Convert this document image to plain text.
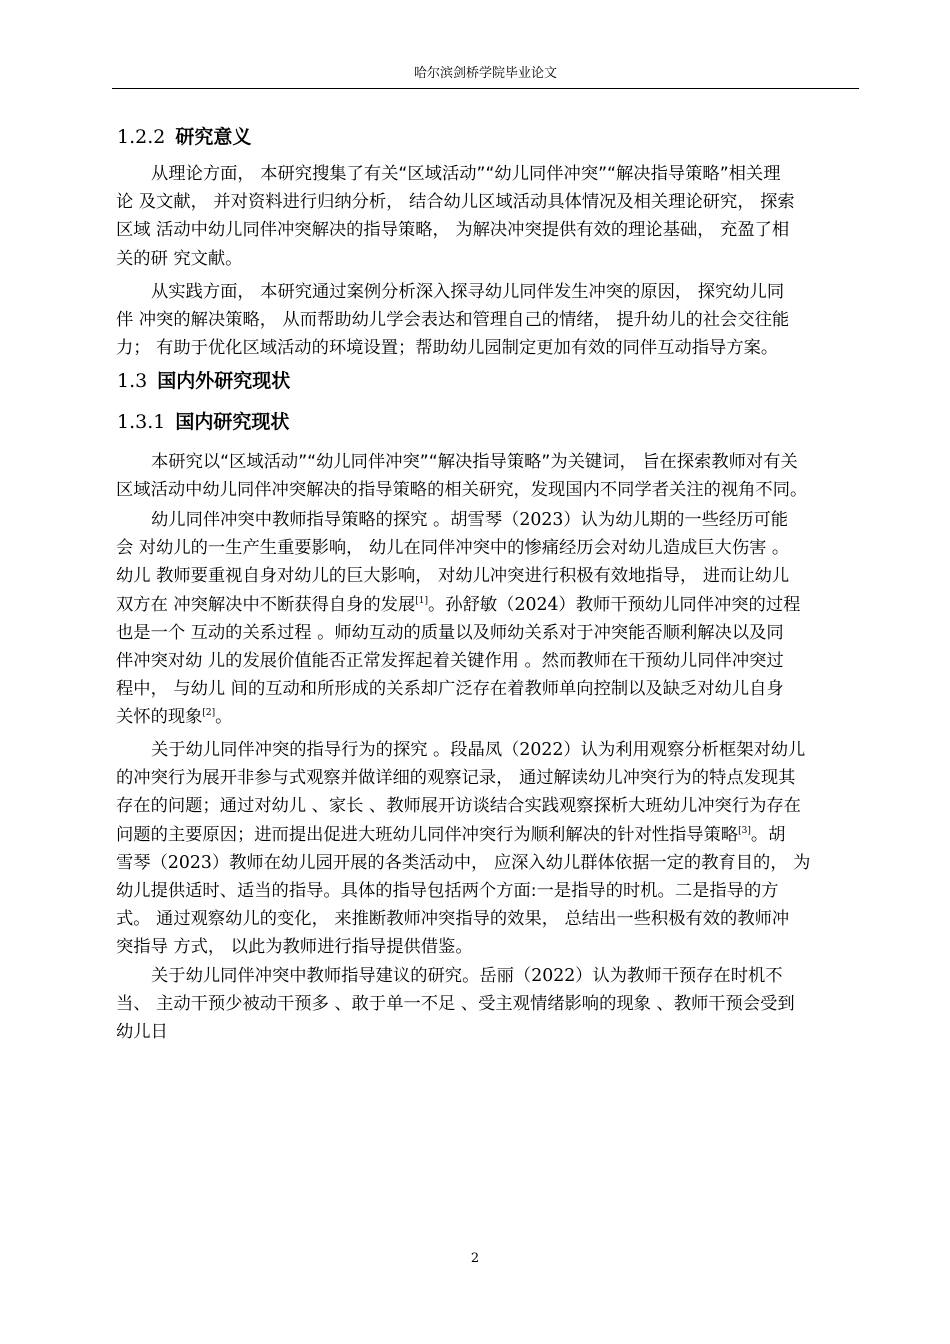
哈尔滨剑桥学院毕业论文
1.2.2 研究意义
从理论方面， 本研究搜集了有关“区域活动”“幼儿同伴冲突”“解决指导策略”相关理
论 及文献， 并对资料进行归纳分析， 结合幼儿区域活动具体情况及相关理论研究， 探索
区域 活动中幼儿同伴冲突解决的指导策略， 为解决冲突提供有效的理论基础， 充盈了相
关的研 究文献。
从实践方面， 本研究通过案例分析深入探寻幼儿同伴发生冲突的原因， 探究幼儿同
伴 冲突的解决策略， 从而帮助幼儿学会表达和管理自己的情绪， 提升幼儿的社会交往能
力； 有助于优化区域活动的环境设置；帮助幼儿园制定更加有效的同伴互动指导方案。
1.3 国内外研究现状
1.3.1 国内研究现状
本研究以“区域活动”“幼儿同伴冲突”“解决指导策略”为关键词， 旨在探索教师对有关
区域活动中幼儿同伴冲突解决的指导策略的相关研究，发现国内不同学者关注的视角不同。
幼儿同伴冲突中教师指导策略的探究 。胡雪琴（2023）认为幼儿期的一些经历可能
会 对幼儿的一生产生重要影响， 幼儿在同伴冲突中的惨痛经历会对幼儿造成巨大伤害 。
幼儿 教师要重视自身对幼儿的巨大影响， 对幼儿冲突进行积极有效地指导， 进而让幼儿
双方在 冲突解决中不断获得自身的发展[1]。孙舒敏（2024）教师干预幼儿同伴冲突的过程
也是一个 互动的关系过程 。师幼互动的质量以及师幼关系对于冲突能否顺利解决以及同
伴冲突对幼 儿的发展价值能否正常发挥起着关键作用 。然而教师在干预幼儿同伴冲突过
程中， 与幼儿 间的互动和所形成的关系却广泛存在着教师单向控制以及缺乏对幼儿自身
关怀的现象[2]。
关于幼儿同伴冲突的指导行为的探究 。段晶凤（2022）认为利用观察分析框架对幼儿
的冲突行为展开非参与式观察并做详细的观察记录， 通过解读幼儿冲突行为的特点发现其
存在的问题；通过对幼儿 、家长 、教师展开访谈结合实践观察探析大班幼儿冲突行为存在
问题的主要原因；进而提出促进大班幼儿同伴冲突行为顺利解决的针对性指导策略[3]。胡
雪琴（2023）教师在幼儿园开展的各类活动中， 应深入幼儿群体依据一定的教育目的， 为
幼儿提供适时、适当的指导。具体的指导包括两个方面:一是指导的时机。二是指导的方
式。 通过观察幼儿的变化， 来推断教师冲突指导的效果， 总结出一些积极有效的教师冲
突指导 方式， 以此为教师进行指导提供借鉴。
关于幼儿同伴冲突中教师指导建议的研究。岳丽（2022）认为教师干预存在时机不
当、 主动干预少被动干预多 、敢于单一不足 、受主观情绪影响的现象 、教师干预会受到
幼儿日
2
